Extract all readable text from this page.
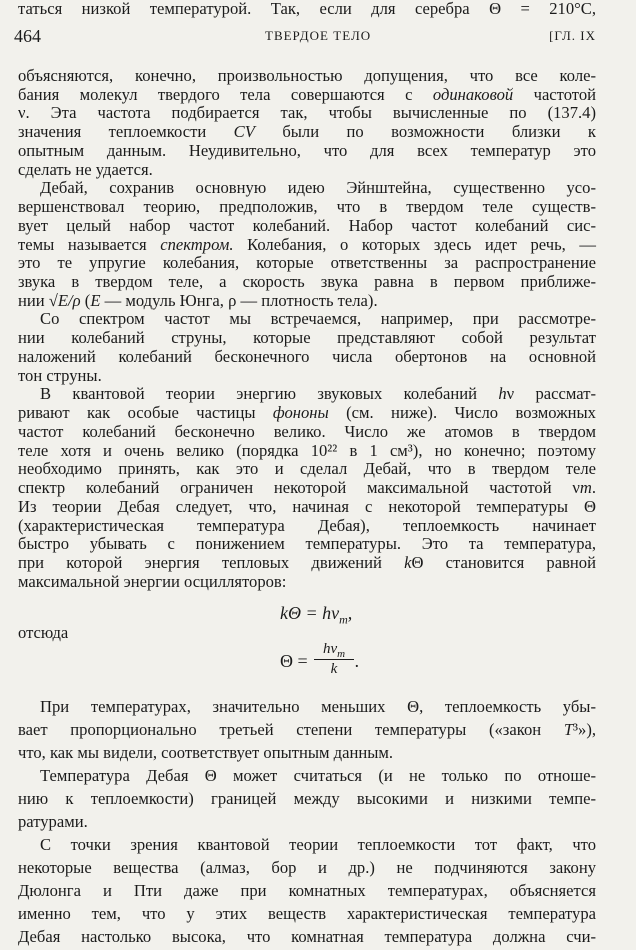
464	ТВЕРДОЕ ТЕЛО	[ГЛ. IX
объясняются, конечно, произвольностью допущения, что все коле-
бания молекул твердого тела совершаются с одинаковой частотой
ν. Эта частота подбирается так, чтобы вычисленные по (137.4)
значения теплоемкости CV были по возможности близки к
опытным данным. Неудивительно, что для всех температур это
сделать не удается.
Дебай, сохранив основную идею Эйнштейна, существенно усо-
вершенствовал теорию, предположив, что в твердом теле существ-
вует целый набор частот колебаний. Набор частот колебаний сис-
темы называется спектром. Колебания, о которых здесь идет речь, —
это те упругие колебания, которые ответственны за распространение
звука в твердом теле, а скорость звука равна в первом приближе-
нии √E/ρ (E — модуль Юнга, ρ — плотность тела).
Со спектром частот мы встречаемся, например, при рассмотре-
нии колебаний струны, которые представляют собой результат
наложений колебаний бесконечного числа обертонов на основной
тон струны.
В квантовой теории энергию звуковых колебаний hν рассмат-
ривают как особые частицы фононы (см. ниже). Число возможных
частот колебаний бесконечно велико. Число же атомов в твердом
теле хотя и очень велико (порядка 10²² в 1 см³), но конечно; поэтому
необходимо принять, как это и сделал Дебай, что в твердом теле
спектр колебаний ограничен некоторой максимальной частотой νm.
Из теории Дебая следует, что, начиная с некоторой температуры Θ
(характеристическая температура Дебая), теплоемкость начинает
быстро убывать с понижением температуры. Это та температура,
при которой энергия тепловых движений kΘ становится равной
максимальной энергии осцилляторов:
При температурах, значительно меньших Θ, теплоемкость убы-
вает пропорционально третьей степени температуры («закон T³»),
что, как мы видели, соответствует опытным данным.
Температура Дебая Θ может считаться (и не только по отноше-
нию к теплоемкости) границей между высокими и низкими темпе-
ратурами.
С точки зрения квантовой теории теплоемкости тот факт, что
некоторые вещества (алмаз, бор и др.) не подчиняются закону
Дюлонга и Пти даже при комнатных температурах, объясняется
именно тем, что у этих веществ характеристическая температура
Дебая настолько высока, что комнатная температура должна счи-
таться низкой температурой. Так, если для серебра Θ = 210°C,
$k\Theta = h\nu_m$,
отсюда
Θ =
$h\nu_m$
k .
